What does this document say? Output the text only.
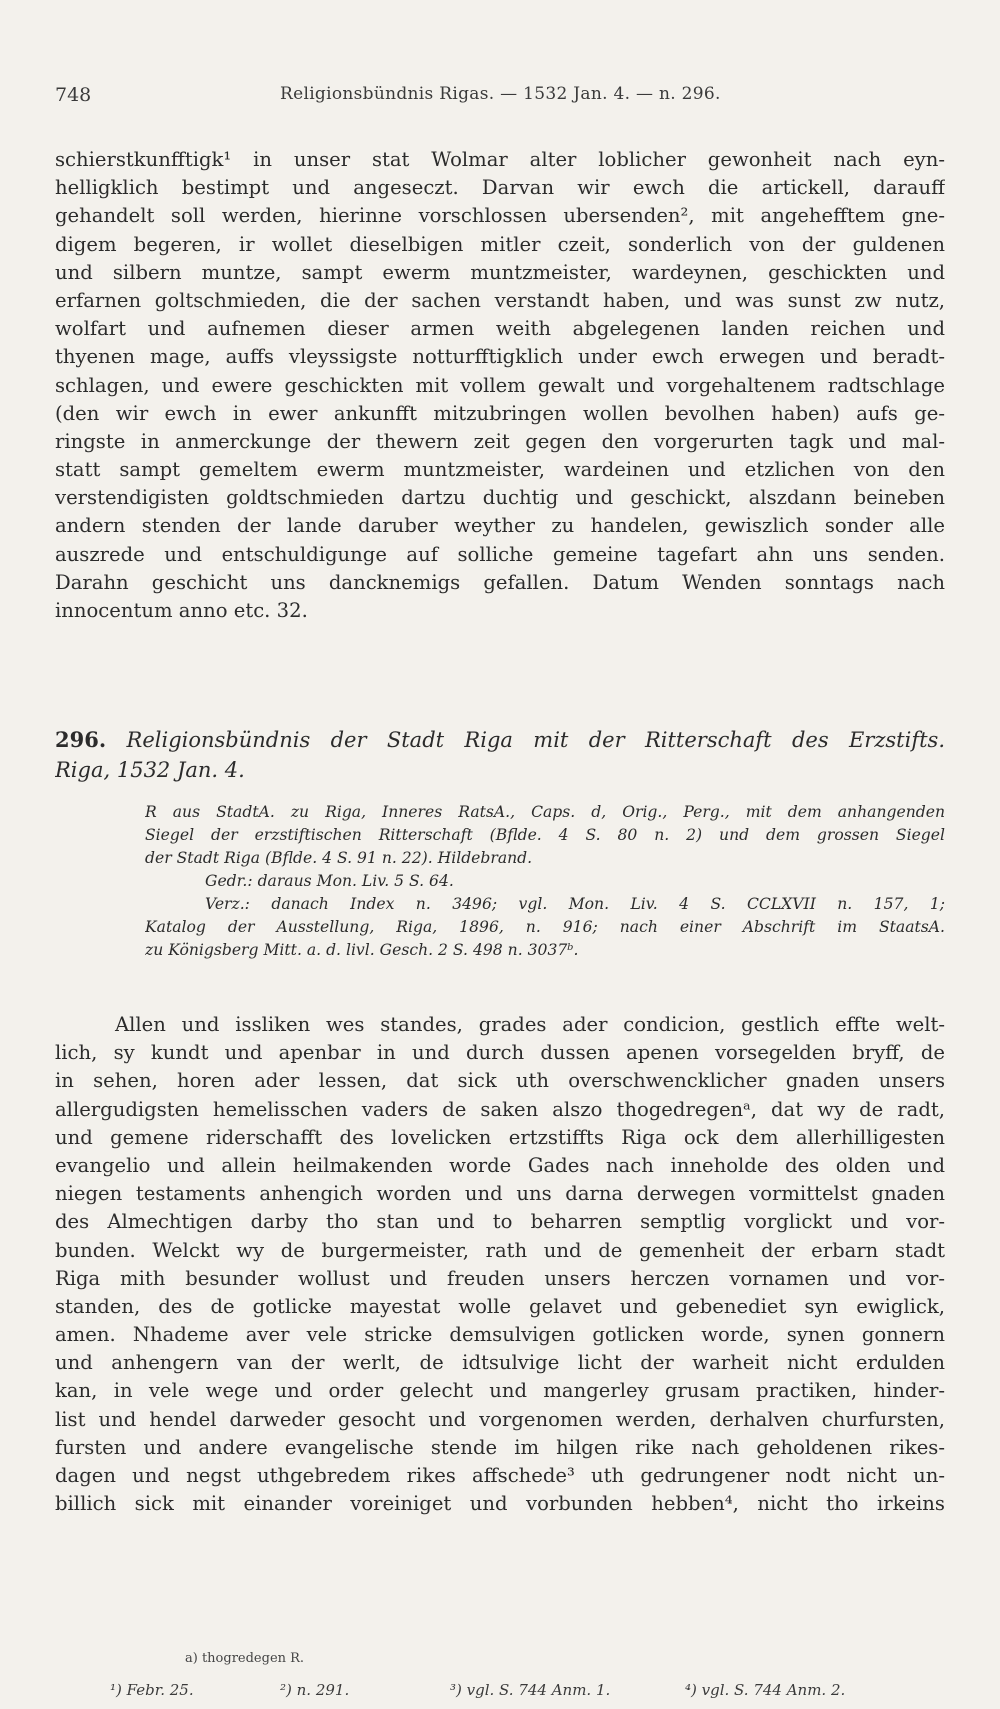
748	Religionsbündnis Rigas. — 1532 Jan. 4. — n. 296.
schierstkunfftigk¹ in unser stat Wolmar alter loblicher gewonheit nach eyn-
helligklich bestimpt und angeseczt. Darvan wir ewch die artickell, darauff
gehandelt soll werden, hierinne vorschlossen ubersenden², mit angehefftem gne-
digem begeren, ir wollet dieselbigen mitler czeit, sonderlich von der guldenen
und silbern muntze, sampt ewerm muntzmeister, wardeynen, geschickten und
erfarnen goltschmieden, die der sachen verstandt haben, und was sunst zw nutz,
wolfart und aufnemen dieser armen weith abgelegenen landen reichen und
thyenen mage, auffs vleyssigste notturfftigklich under ewch erwegen und beradt-
schlagen, und ewere geschickten mit vollem gewalt und vorgehaltenem radtschlage
(den wir ewch in ewer ankunfft mitzubringen wollen bevolhen haben) aufs ge-
ringste in anmerckunge der thewern zeit gegen den vorgerurten tagk und mal-
statt sampt gemeltem ewerm muntzmeister, wardeinen und etzlichen von den
verstendigisten goldtschmieden dartzu duchtig und geschickt, alszdann beineben
andern stenden der lande daruber weyther zu handelen, gewiszlich sonder alle
auszrede und entschuldigunge auf solliche gemeine tagefart ahn uns senden.
Darahn geschicht uns dancknemigs gefallen. Datum Wenden sonntags nach
innocentum anno etc. 32.
296. Religionsbündnis der Stadt Riga mit der Ritterschaft des Erzstifts.
Riga, 1532 Jan. 4.
R aus StadtA. zu Riga, Inneres RatsA., Caps. d, Orig., Perg., mit dem anhangenden
Siegel der erzstiftischen Ritterschaft (Bflde. 4 S. 80 n. 2) und dem grossen Siegel
der Stadt Riga (Bflde. 4 S. 91 n. 22). Hildebrand.
Gedr.: daraus Mon. Liv. 5 S. 64.
Verz.: danach Index n. 3496; vgl. Mon. Liv. 4 S. CCLXVII n. 157, 1;
Katalog der Ausstellung, Riga, 1896, n. 916; nach einer Abschrift im StaatsA.
zu Königsberg Mitt. a. d. livl. Gesch. 2 S. 498 n. 3037ᵇ.
Allen und issliken wes standes, grades ader condicion, gestlich effte welt-
lich, sy kundt und apenbar in und durch dussen apenen vorsegelden bryff, de
in sehen, horen ader lessen, dat sick uth overschwencklicher gnaden unsers
allergudigsten hemelisschen vaders de saken alszo thogedregenᵃ, dat wy de radt,
und gemene riderschafft des lovelicken ertzstiffts Riga ock dem allerhilligesten
evangelio und allein heilmakenden worde Gades nach inneholde des olden und
niegen testaments anhengich worden und uns darna derwegen vormittelst gnaden
des Almechtigen darby tho stan und to beharren semptlig vorglickt und vor-
bunden. Welckt wy de burgermeister, rath und de gemenheit der erbarn stadt
Riga mith besunder wollust und freuden unsers herczen vornamen und vor-
standen, des de gotlicke mayestat wolle gelavet und gebenediet syn ewiglick,
amen. Nhademe aver vele stricke demsulvigen gotlicken worde, synen gonnern
und anhengern van der werlt, de idtsulvige licht der warheit nicht erdulden
kan, in vele wege und order gelecht und mangerley grusam practiken, hinder-
list und hendel darweder gesocht und vorgenomen werden, derhalven churfursten,
fursten und andere evangelische stende im hilgen rike nach geholdenen rikes-
dagen und negst uthgebredem rikes affschede³ uth gedrungener nodt nicht un-
billich sick mit einander voreiniget und vorbunden hebben⁴, nicht tho irkeins
a) thogredegen R.
¹) Febr. 25.	²) n. 291.	³) vgl. S. 744 Anm. 1.	⁴) vgl. S. 744 Anm. 2.
